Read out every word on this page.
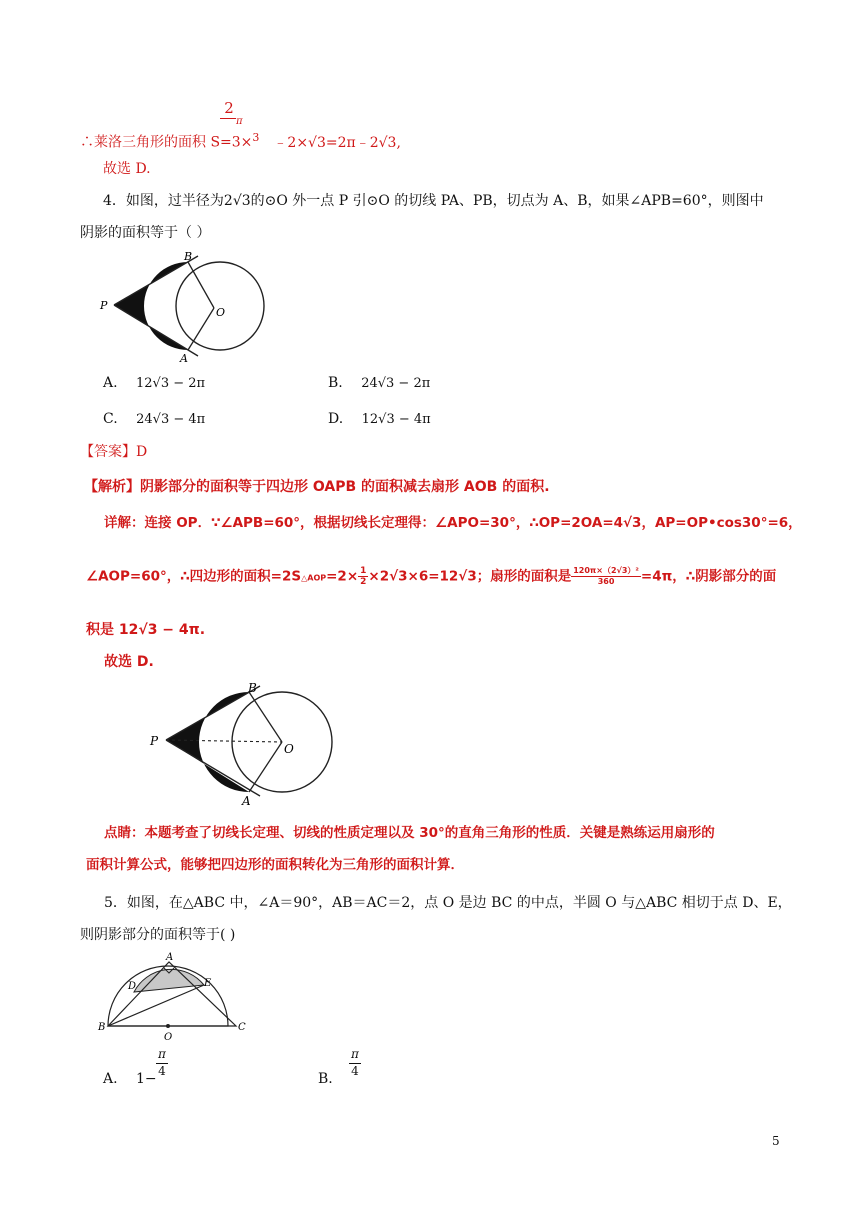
2
π
∴莱洛三角形的面积 S=3×$^3$ ﹣2×√3=2π﹣2√3,
故选 D.
4．如图，过半径为2√3的⊙O 外一点 P 引⊙O 的切线 PA、PB，切点为 A、B，如果∠APB=60°，则图中
阴影的面积等于（ ）
P
B
A
O
A. 12√3 − 2π	B. 24√3 − 2π
C. 24√3 − 4π	D. 12√3 − 4π
【答案】D
【解析】阴影部分的面积等于四边形 OAPB 的面积减去扇形 AOB 的面积.
详解：连接 OP．∵∠APB=60°，根据切线长定理得：∠APO=30°，∴OP=2OA=4√3，AP=OP•cos30°=6，
∠AOP=60°，∴四边形的面积=2S△AOP=2× $\frac{1}{2} \times 2√3\times 6=12√3$；扇形的面积是 $\frac{\text{120π×（2√3）²}}{360} =4\pi$，∴阴影部分的面
积是 12√3 − 4π.
故选 D.
P
B
A
O
点睛：本题考查了切线长定理、切线的性质定理以及 30°的直角三角形的性质．关键是熟练运用扇形的
面积计算公式，能够把四边形的面积转化为三角形的面积计算．
5．如图，在△ABC 中，∠A＝90°，AB＝AC＝2，点 O 是边 BC 的中点，半圆 O 与△ABC 相切于点 D、E，
则阴影部分的面积等于( )
A
B	C
D	E
O
A. 1−
π
4	B.
π
4
5
